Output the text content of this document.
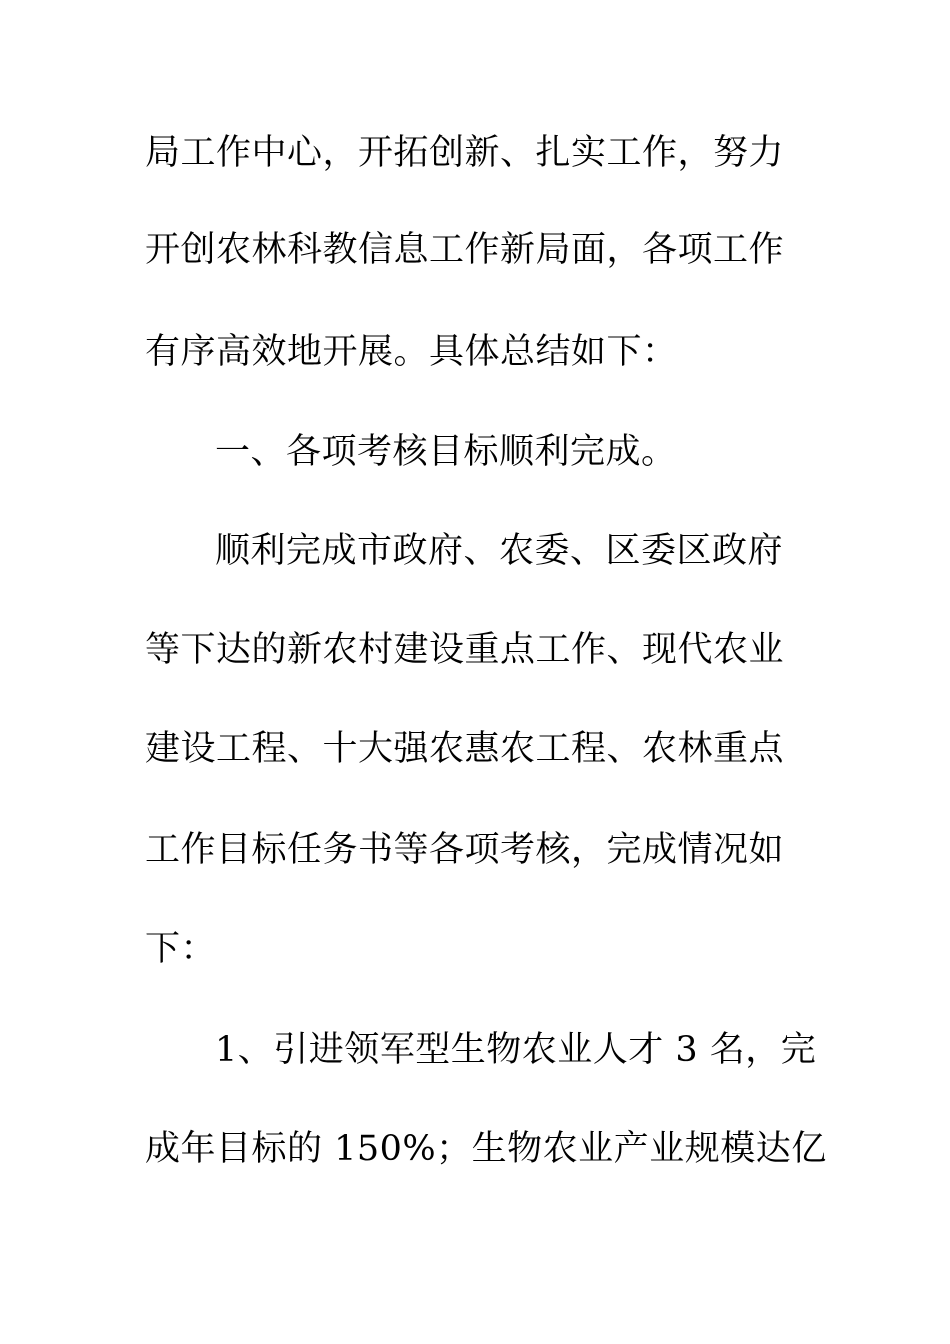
局工作中心，开拓创新、扎实工作，努力
开创农林科教信息工作新局面，各项工作
有序高效地开展。具体总结如下：
一、各项考核目标顺利完成。
顺利完成市政府、农委、区委区政府
等下达的新农村建设重点工作、现代农业
建设工程、十大强农惠农工程、农林重点
工作目标任务书等各项考核，完成情况如
下：
1、引进领军型生物农业人才 3 名，完
成年目标的 150%；生物农业产业规模达亿
